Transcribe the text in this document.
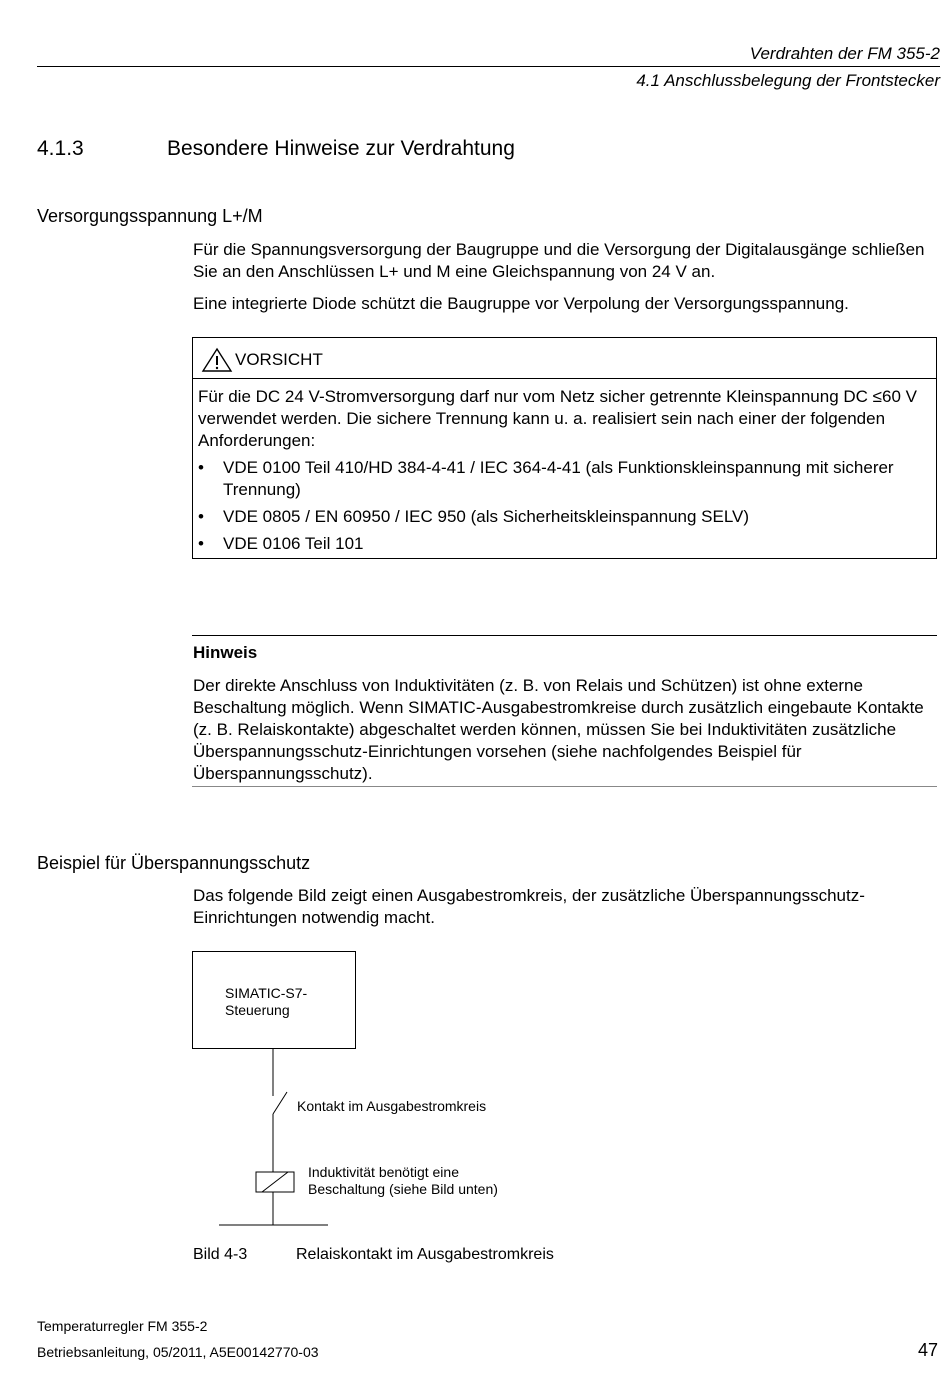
Verdrahten der FM 355-2
4.1 Anschlussbelegung der Frontstecker
4.1.3	Besondere Hinweise zur Verdrahtung
Versorgungsspannung L+/M
Für die Spannungsversorgung der Baugruppe und die Versorgung der Digitalausgänge schließen Sie an den Anschlüssen L+ und M eine Gleichspannung von 24 V an.
Eine integrierte Diode schützt die Baugruppe vor Verpolung der Versorgungsspannung.
VORSICHT
Für die DC 24 V-Stromversorgung darf nur vom Netz sicher getrennte Kleinspannung DC ≤60 V verwendet werden. Die sichere Trennung kann u. a. realisiert sein nach einer der folgenden Anforderungen:
• VDE 0100 Teil 410/HD 384-4-41 / IEC 364-4-41 (als Funktionskleinspannung mit sicherer Trennung)
• VDE 0805 / EN 60950 / IEC 950 (als Sicherheitskleinspannung SELV)
• VDE 0106 Teil 101
Hinweis
Der direkte Anschluss von Induktivitäten (z. B. von Relais und Schützen) ist ohne externe Beschaltung möglich. Wenn SIMATIC-Ausgabestromkreise durch zusätzlich eingebaute Kontakte (z. B. Relaiskontakte) abgeschaltet werden können, müssen Sie bei Induktivitäten zusätzliche Überspannungsschutz-Einrichtungen vorsehen (siehe nachfolgendes Beispiel für Überspannungsschutz).
Beispiel für Überspannungsschutz
Das folgende Bild zeigt einen Ausgabestromkreis, der zusätzliche Überspannungsschutz-Einrichtungen notwendig macht.
SIMATIC-S7-
Steuerung
Kontakt im Ausgabestromkreis
Induktivität benötigt eine
Beschaltung (siehe Bild unten)
Bild 4-3	Relaiskontakt im Ausgabestromkreis
Temperaturregler FM 355-2
Betriebsanleitung, 05/2011, A5E00142770-03	47
